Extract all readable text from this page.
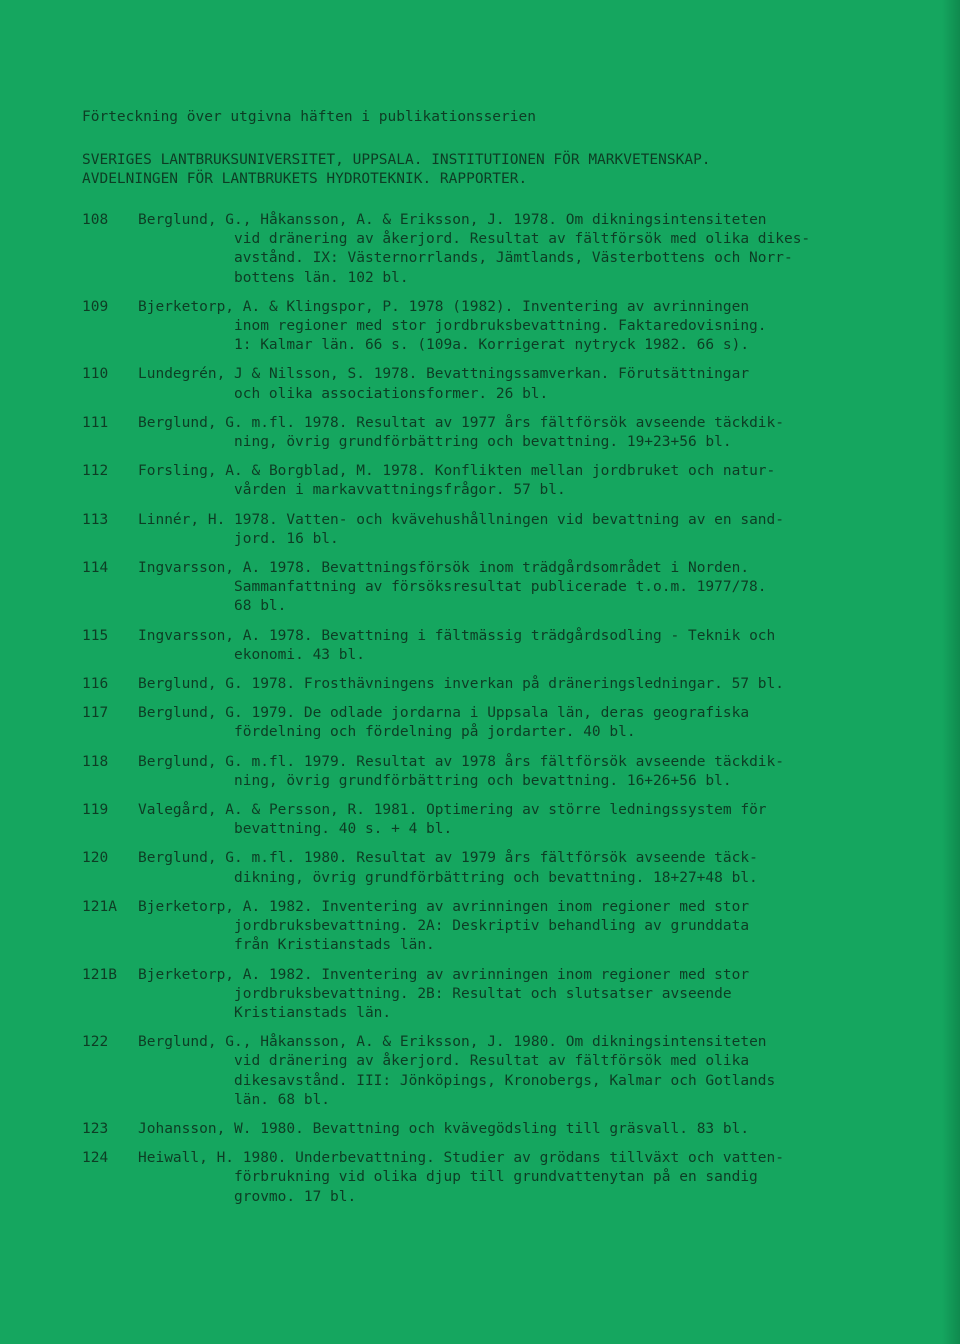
Förteckning över utgivna häften i publikationsserien
SVERIGES LANTBRUKSUNIVERSITET, UPPSALA. INSTITUTIONEN FÖR MARKVETENSKAP.
AVDELNINGEN FÖR LANTBRUKETS HYDROTEKNIK. RAPPORTER.
108	Berglund, G., Håkansson, A. & Eriksson, J. 1978. Om dikningsintensiteten
vid dränering av åkerjord. Resultat av fältförsök med olika dikes-
avstånd. IX: Västernorrlands, Jämtlands, Västerbottens och Norr-
bottens län. 102 bl.
109	Bjerketorp, A. & Klingspor, P. 1978 (1982). Inventering av avrinningen
inom regioner med stor jordbruksbevattning. Faktaredovisning.
1: Kalmar län. 66 s. (109a. Korrigerat nytryck 1982. 66 s).
110	Lundegrén, J & Nilsson, S. 1978. Bevattningssamverkan. Förutsättningar
och olika associationsformer. 26 bl.
111	Berglund, G. m.fl. 1978. Resultat av 1977 års fältförsök avseende täckdik-
ning, övrig grundförbättring och bevattning. 19+23+56 bl.
112	Forsling, A. & Borgblad, M. 1978. Konflikten mellan jordbruket och natur-
vården i markavvattningsfrågor. 57 bl.
113	Linnér, H. 1978. Vatten- och kvävehushållningen vid bevattning av en sand-
jord. 16 bl.
114	Ingvarsson, A. 1978. Bevattningsförsök inom trädgårdsområdet i Norden.
Sammanfattning av försöksresultat publicerade t.o.m. 1977/78.
68 bl.
115	Ingvarsson, A. 1978. Bevattning i fältmässig trädgårdsodling - Teknik och
ekonomi. 43 bl.
116	Berglund, G. 1978. Frosthävningens inverkan på dräneringsledningar. 57 bl.
117	Berglund, G. 1979. De odlade jordarna i Uppsala län, deras geografiska
fördelning och fördelning på jordarter. 40 bl.
118	Berglund, G. m.fl. 1979. Resultat av 1978 års fältförsök avseende täckdik-
ning, övrig grundförbättring och bevattning. 16+26+56 bl.
119	Valegård, A. & Persson, R. 1981. Optimering av större ledningssystem för
bevattning. 40 s. + 4 bl.
120	Berglund, G. m.fl. 1980. Resultat av 1979 års fältförsök avseende täck-
dikning, övrig grundförbättring och bevattning. 18+27+48 bl.
121A	Bjerketorp, A. 1982. Inventering av avrinningen inom regioner med stor
jordbruksbevattning. 2A: Deskriptiv behandling av grunddata
från Kristianstads län.
121B	Bjerketorp, A. 1982. Inventering av avrinningen inom regioner med stor
jordbruksbevattning. 2B: Resultat och slutsatser avseende
Kristianstads län.
122	Berglund, G., Håkansson, A. & Eriksson, J. 1980. Om dikningsintensiteten
vid dränering av åkerjord. Resultat av fältförsök med olika
dikesavstånd. III: Jönköpings, Kronobergs, Kalmar och Gotlands
län. 68 bl.
123	Johansson, W. 1980. Bevattning och kvävegödsling till gräsvall. 83 bl.
124	Heiwall, H. 1980. Underbevattning. Studier av grödans tillväxt och vatten-
förbrukning vid olika djup till grundvattenytan på en sandig
grovmo. 17 bl.
